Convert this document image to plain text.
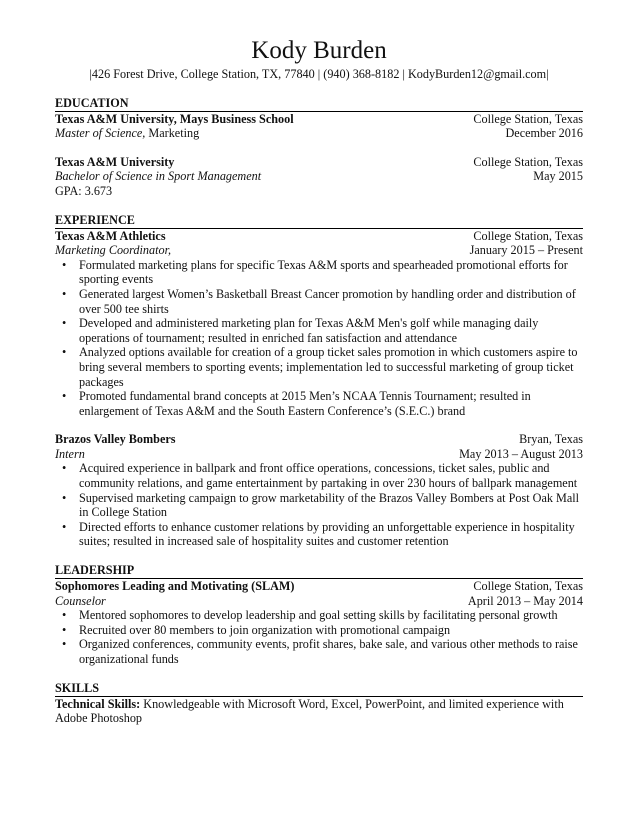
Kody Burden
|426 Forest Drive, College Station, TX, 77840 | (940) 368-8182 | KodyBurden12@gmail.com|
EDUCATION
Texas A&M University, Mays Business School	College Station, Texas
Master of Science, Marketing	December 2016
Texas A&M University	College Station, Texas
Bachelor of Science in Sport Management	May 2015
GPA: 3.673
EXPERIENCE
Texas A&M Athletics	College Station, Texas
Marketing Coordinator,	January 2015 – Present
• Formulated marketing plans for specific Texas A&M sports and spearheaded promotional efforts for sporting events
• Generated largest Women’s Basketball Breast Cancer promotion by handling order and distribution of over 500 tee shirts
• Developed and administered marketing plan for Texas A&M Men's golf while managing daily operations of tournament; resulted in enriched fan satisfaction and attendance
• Analyzed options available for creation of a group ticket sales promotion in which customers aspire to bring several members to sporting events; implementation led to successful marketing of group ticket packages
• Promoted fundamental brand concepts at 2015 Men’s NCAA Tennis Tournament; resulted in enlargement of Texas A&M and the South Eastern Conference’s (S.E.C.) brand
Brazos Valley Bombers	Bryan, Texas
Intern	May 2013 – August 2013
• Acquired experience in ballpark and front office operations, concessions, ticket sales, public and community relations, and game entertainment by partaking in over 230 hours of ballpark management
• Supervised marketing campaign to grow marketability of the Brazos Valley Bombers at Post Oak Mall in College Station
• Directed efforts to enhance customer relations by providing an unforgettable experience in hospitality suites; resulted in increased sale of hospitality suites and customer retention
LEADERSHIP
Sophomores Leading and Motivating (SLAM)	College Station, Texas
Counselor	April 2013 – May 2014
• Mentored sophomores to develop leadership and goal setting skills by facilitating personal growth
• Recruited over 80 members to join organization with promotional campaign
• Organized conferences, community events, profit shares, bake sale, and various other methods to raise organizational funds
SKILLS
Technical Skills: Knowledgeable with Microsoft Word, Excel, PowerPoint, and limited experience with Adobe Photoshop
